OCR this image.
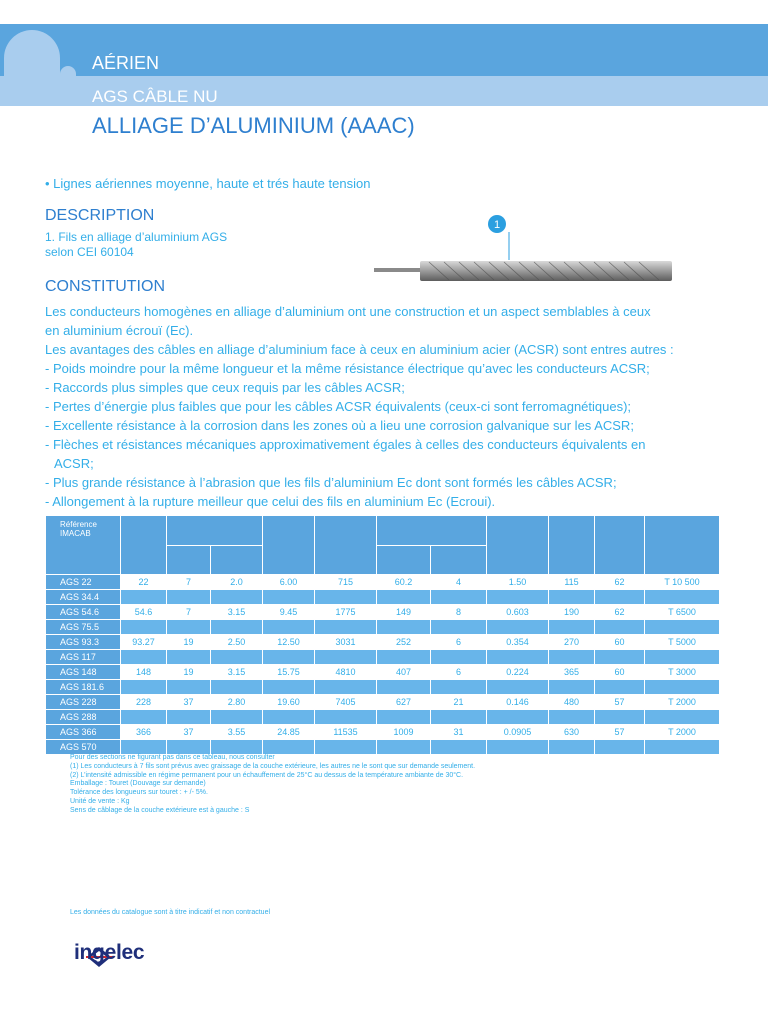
AÉRIEN
AGS CÂBLE NU
ALLIAGE D’ALUMINIUM (AAAC)
• Lignes aériennes moyenne, haute et trés haute tension
DESCRIPTION
1. Fils en alliage d’aluminium AGS
selon CEI 60104
1
CONSTITUTION
Les conducteurs homogènes en alliage d’aluminium ont une construction et un aspect semblables à ceux
en aluminium écrouï (Ec).
Les avantages des câbles en alliage d’aluminium face à ceux en aluminium acier (ACSR) sont entres autres :
- Poids moindre pour la même longueur et la même résistance électrique qu’avec les conducteurs ACSR;
- Raccords plus simples que ceux requis par les câbles ACSR;
- Pertes d’énergie plus faibles que pour les câbles ACSR équivalents (ceux-ci sont ferromagnétiques);
- Excellente résistance à la corrosion dans les zones où a lieu une corrosion galvanique sur les ACSR;
- Flèches et résistances mécaniques approximativement égales à celles des conducteurs équivalents en
ACSR;
- Plus grande résistance à l’abrasion que les fils d’aluminium Ec dont sont formés les câbles ACSR;
- Allongement à la rupture meilleur que celui des fils en aluminium Ec (Ecroui).
Référence
IMACAB											

AGS 22	22	7	2.0	6.00	715	60.2	4	1.50	115	62	T 10 500
AGS 34.4											
AGS 54.6	54.6	7	3.15	9.45	1775	149	8	0.603	190	62	T 6500
AGS 75.5											
AGS 93.3	93.27	19	2.50	12.50	3031	252	6	0.354	270	60	T 5000
AGS 117											
AGS 148	148	19	3.15	15.75	4810	407	6	0.224	365	60	T 3000
AGS 181.6											
AGS 228	228	37	2.80	19.60	7405	627	21	0.146	480	57	T 2000
AGS 288											
AGS 366	366	37	3.55	24.85	11535	1009	31	0.0905	630	57	T 2000
AGS 570											
Pour des sections ne figurant pas dans ce tableau, nous consulter
(1) Les conducteurs à 7 fils sont prévus avec graissage de la couche extérieure, les autres ne le sont que sur demande seulement.
(2) L’intensité admissible en régime permanent pour un échauffement de 25°C au dessus de la température ambiante de 30°C.
Emballage : Touret (Douvage sur demande)
Tolérance des longueurs sur touret : + /- 5%.
Unité de vente : Kg
Sens de câblage de la couche extérieure est à gauche : S
Les données du catalogue sont à titre indicatif et non contractuel
ingelec
